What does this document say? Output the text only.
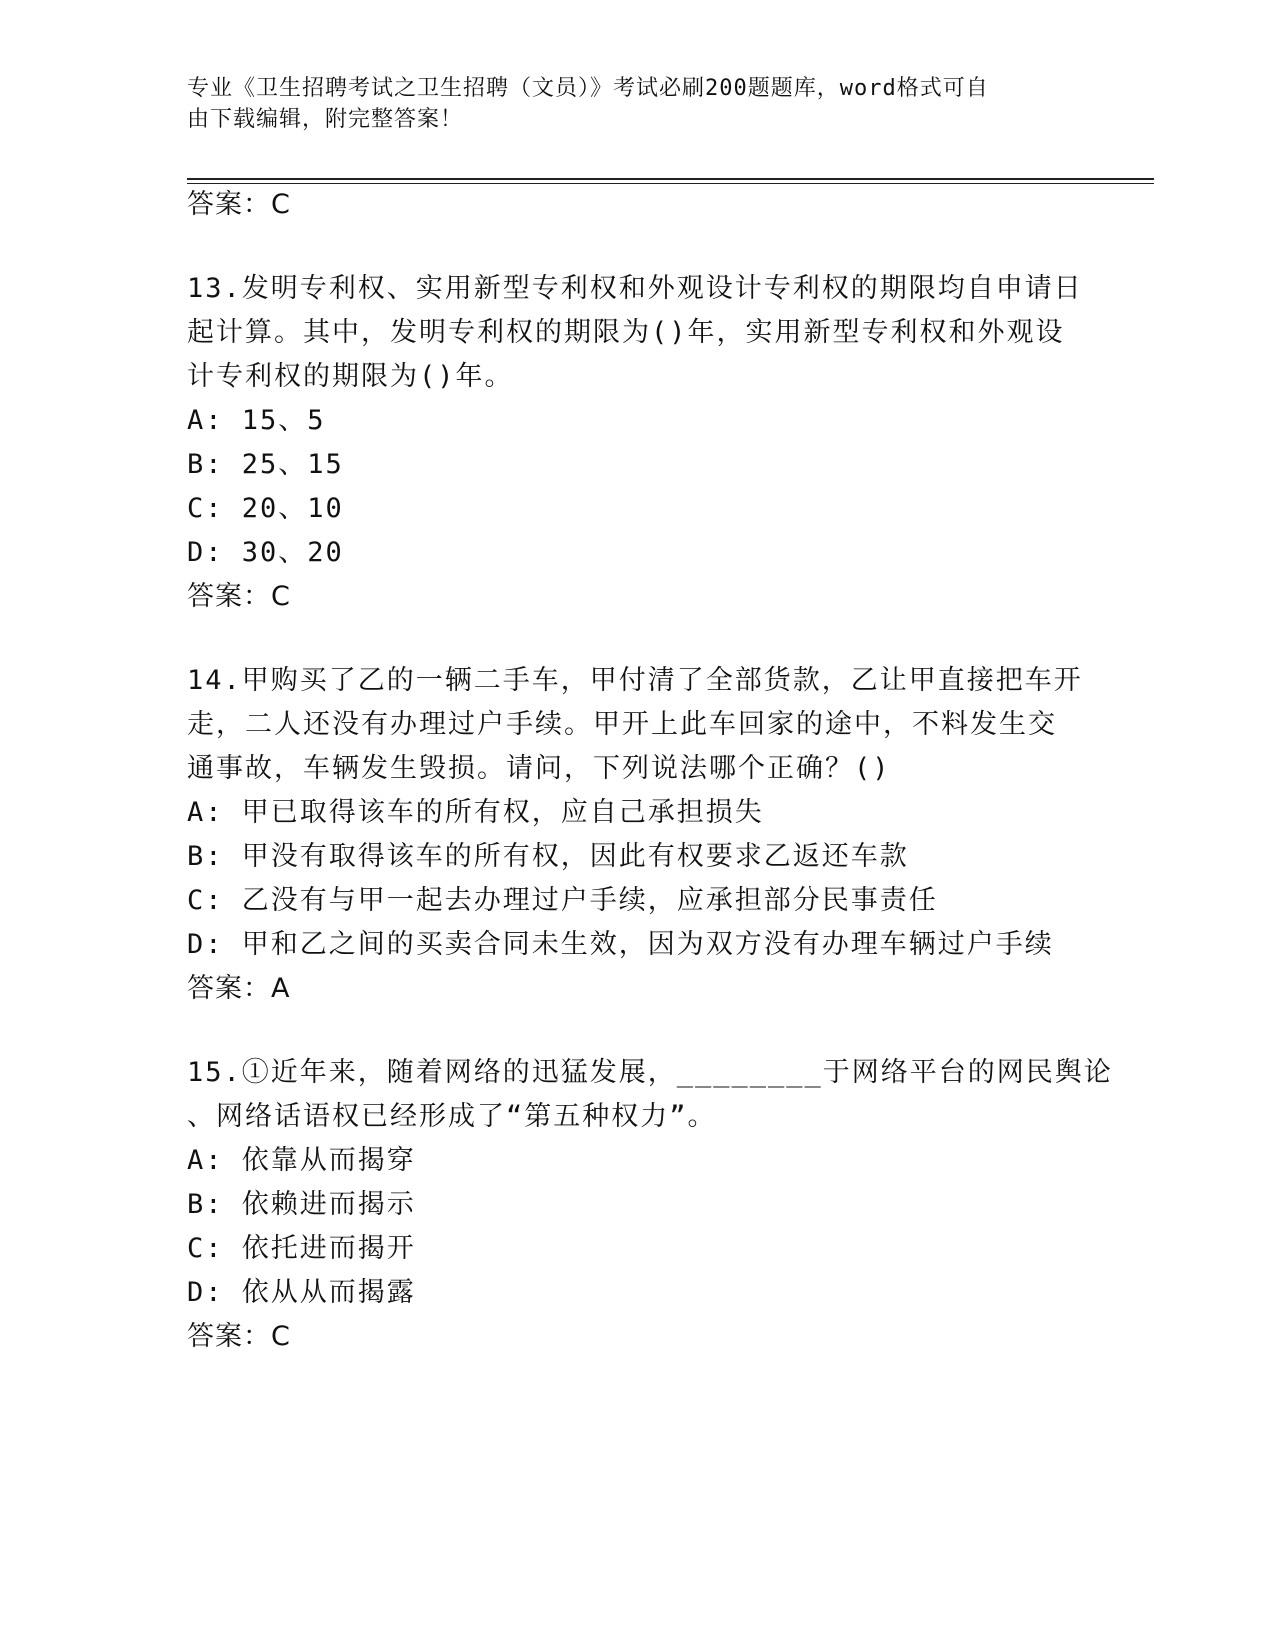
专业《卫生招聘考试之卫生招聘（文员）》考试必刷200题题库，word格式可自
由下载编辑，附完整答案！
答案：C
13.发明专利权、实用新型专利权和外观设计专利权的期限均自申请日
起计算。其中，发明专利权的期限为()年，实用新型专利权和外观设
计专利权的期限为()年。
A: 15、5
B: 25、15
C: 20、10
D: 30、20
答案：C
14.甲购买了乙的一辆二手车，甲付清了全部货款，乙让甲直接把车开
走，二人还没有办理过户手续。甲开上此车回家的途中，不料发生交
通事故，车辆发生毁损。请问，下列说法哪个正确？()
A: 甲已取得该车的所有权，应自己承担损失
B: 甲没有取得该车的所有权，因此有权要求乙返还车款
C: 乙没有与甲一起去办理过户手续，应承担部分民事责任
D: 甲和乙之间的买卖合同未生效，因为双方没有办理车辆过户手续
答案：A
15.①近年来，随着网络的迅猛发展，________于网络平台的网民舆论
、网络话语权已经形成了“第五种权力”。
A: 依靠从而揭穿
B: 依赖进而揭示
C: 依托进而揭开
D: 依从从而揭露
答案：C
